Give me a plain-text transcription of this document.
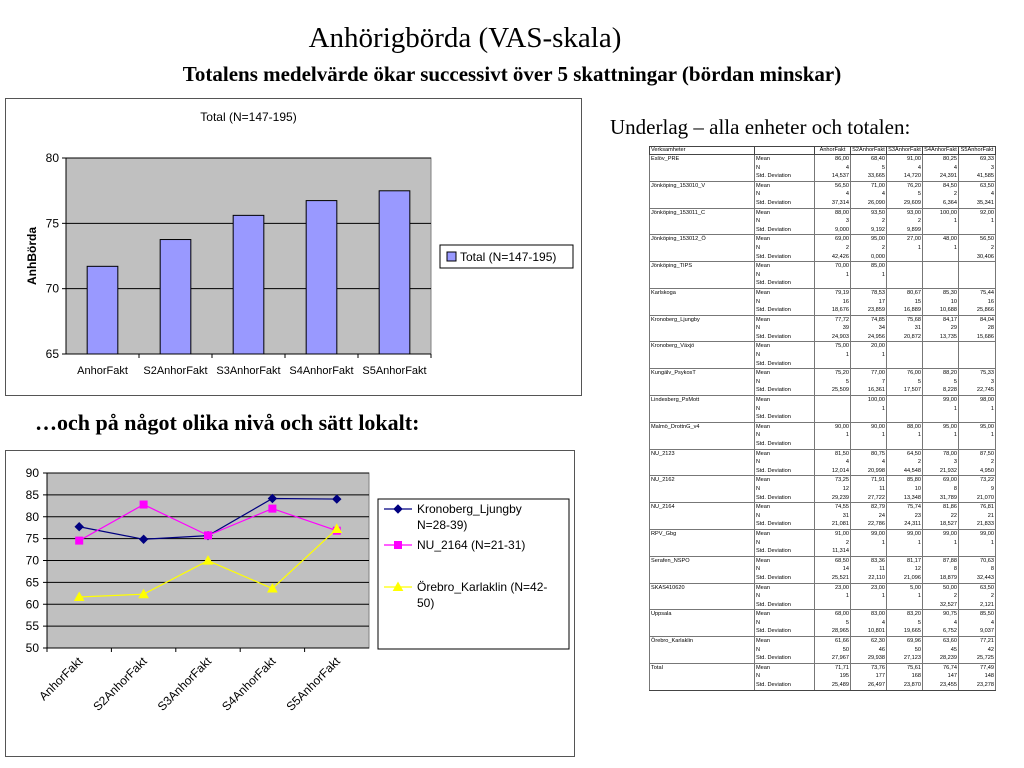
Anhörigbörda (VAS-skala)
Totalens medelvärde ökar successivt över 5 skattningar (bördan minskar)
Total (N=147-195)
65
70
75
80
AnhorFakt S2AnhorFakt S3AnhorFakt S4AnhorFakt S5AnhorFakt
AnhBörda	Total (N=147-195)
Underlag – alla enheter och totalen:
Verksamheter		AnhorFakt	S2AnhorFakt	S3AnhorFakt	S4AnhorFakt	S5AnhorFakt
Eslöv_PRE	Mean	86,00	68,40	91,00	80,25	69,33
	N	4	5	4	4	3
	Std. Deviation	14,537	33,665	14,720	24,391	41,585
Jönköping_153010_V	Mean	56,50	71,00	76,20	84,50	63,50
	N	4	4	5	2	4
	Std. Deviation	37,314	26,090	29,609	6,364	35,341
Jönköping_153011_C	Mean	88,00	93,50	93,00	100,00	92,00
	N	3	2	2	1	1
	Std. Deviation	9,000	9,192	9,899		
Jönköping_153012_Ö	Mean	69,00	95,00	27,00	48,00	56,50
	N	2	2	1	1	2
	Std. Deviation	42,426	0,000			30,406
Jönköping_TIPS	Mean	70,00	85,00			
	N	1	1			
	Std. Deviation					
Karlskoga	Mean	79,19	78,53	80,67	85,30	75,44
	N	16	17	15	10	16
	Std. Deviation	18,676	23,859	16,889	10,688	25,866
Kronoberg_Ljungby	Mean	77,72	74,85	75,68	84,17	84,04
	N	39	34	31	29	28
	Std. Deviation	24,903	24,956	20,872	13,735	15,686
Kronoberg_Växjö	Mean	75,00	20,00			
	N	1	1			
	Std. Deviation					
Kungälv_PsykosT	Mean	75,20	77,00	76,00	88,20	75,33
	N	5	7	5	5	3
	Std. Deviation	25,509	16,361	17,507	8,228	22,745
Lindesberg_PsMott	Mean		100,00		99,00	98,00
	N		1		1	1
	Std. Deviation					
Malmö_DrottnG_v4	Mean	90,00	90,00	88,00	95,00	95,00
	N	1	1	1	1	1
	Std. Deviation					
NU_2123	Mean	81,50	80,75	64,50	78,00	87,50
	N	4	4	2	3	2
	Std. Deviation	12,014	20,998	44,548	21,932	4,950
NU_2162	Mean	73,25	71,91	85,80	69,00	73,22
	N	12	11	10	8	9
	Std. Deviation	29,239	27,722	13,348	31,789	21,070
NU_2164	Mean	74,55	82,79	75,74	81,86	76,81
	N	31	24	23	22	21
	Std. Deviation	21,081	22,786	24,311	18,527	21,833
RPV_Gbg	Mean	91,00	99,00	99,00	99,00	99,00
	N	2	1	1	1	1
	Std. Deviation	11,314				
Serafen_NSPO	Mean	68,50	83,36	81,17	87,88	70,63
	N	14	11	12	8	8
	Std. Deviation	25,521	22,110	21,096	18,879	32,443
SKAS410620	Mean	23,00	23,00	5,00	50,00	63,50
	N	1	1	1	2	2
	Std. Deviation				32,527	2,121
Uppsala	Mean	68,00	83,00	83,20	90,75	85,50
	N	5	4	5	4	4
	Std. Deviation	28,965	10,801	19,665	6,752	9,037
Örebro_Karlaklin	Mean	61,66	62,30	69,96	63,60	77,21
	N	50	46	50	45	42
	Std. Deviation	27,967	29,938	27,123	28,239	25,725
Total	Mean	71,71	73,76	75,61	76,74	77,49
	N	195	177	168	147	148
	Std. Deviation	25,489	26,497	23,870	23,455	23,278
…och på något olika nivå och sätt lokalt:
50
55
60
65
70
75
80
85
90
AnhorFakt S2AnhorFakt S3AnhorFakt S4AnhorFakt S5AnhorFakt
Kronoberg_Ljungby
N=28-39)
NU_2164 (N=21-31)
Örebro_Karlaklin (N=42-
50)
